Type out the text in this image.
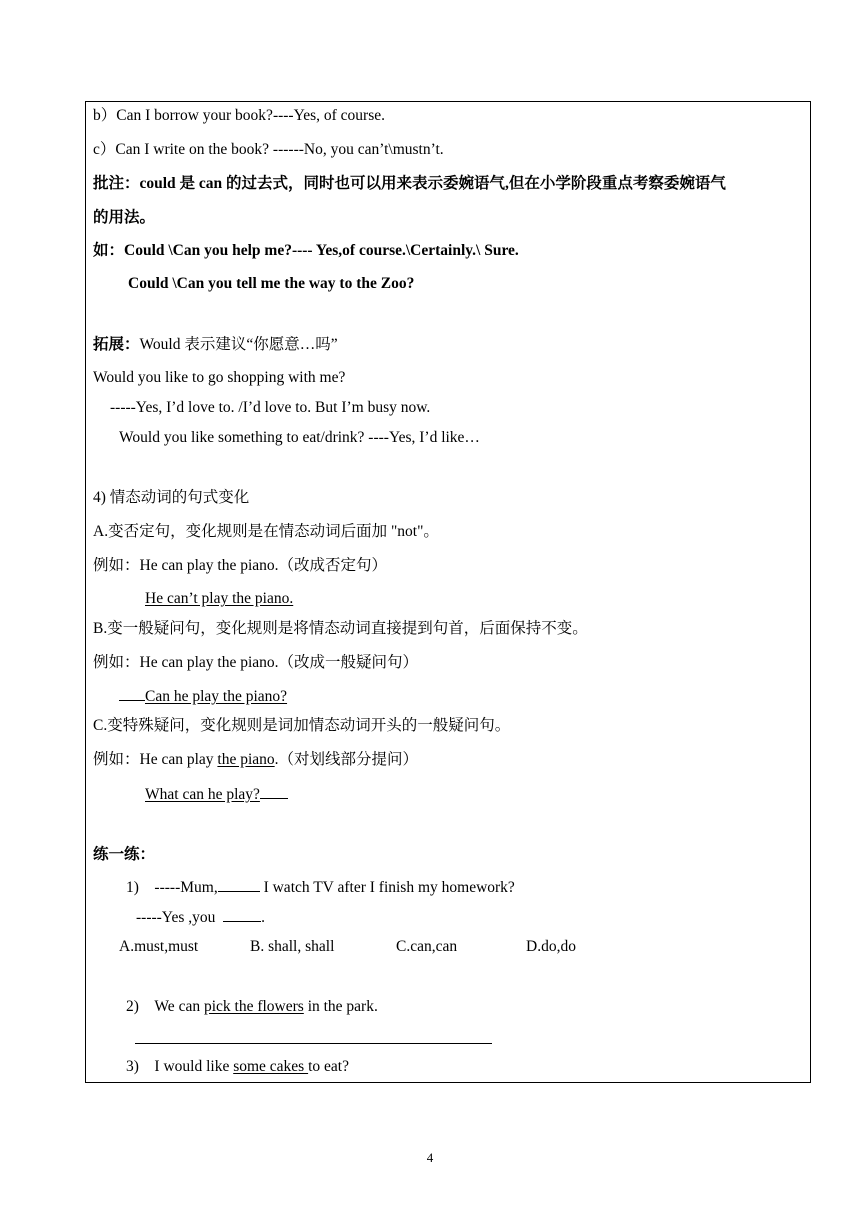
b）Can I borrow your book?----Yes, of course.
c）Can I write on the book? ------No, you can’t\mustn’t.
批注：could 是 can 的过去式，同时也可以用来表示委婉语气,但在小学阶段重点考察委婉语气
的用法。
如：Could \Can you help me?---- Yes,of course.\Certainly.\ Sure.
Could \Can you tell me the way to the Zoo?
拓展：Would 表示建议“你愿意…吗”
Would you like to go shopping with me?
-----Yes, I’d love to. /I’d love to. But I’m busy now.
Would you like something to eat/drink? ----Yes, I’d like…
4) 情态动词的句式变化
A.变否定句，变化规则是在情态动词后面加 "not"。
例如：He can play the piano.（改成否定句）
He can’t play the piano.
B.变一般疑问句，变化规则是将情态动词直接提到句首，后面保持不变。
例如：He can play the piano.（改成一般疑问句）
Can he play the piano?
C.变特殊疑问，变化规则是词加情态动词开头的一般疑问句。
例如：He can play the piano.（对划线部分提问）
What can he play?
练一练：
1) -----Mum,	I watch TV after I finish my homework?
-----Yes ,you	.
A.must,must	B. shall, shall	C.can,can	D.do,do
2) We can pick the flowers in the park.
3) I would like some cakes to eat?
4
